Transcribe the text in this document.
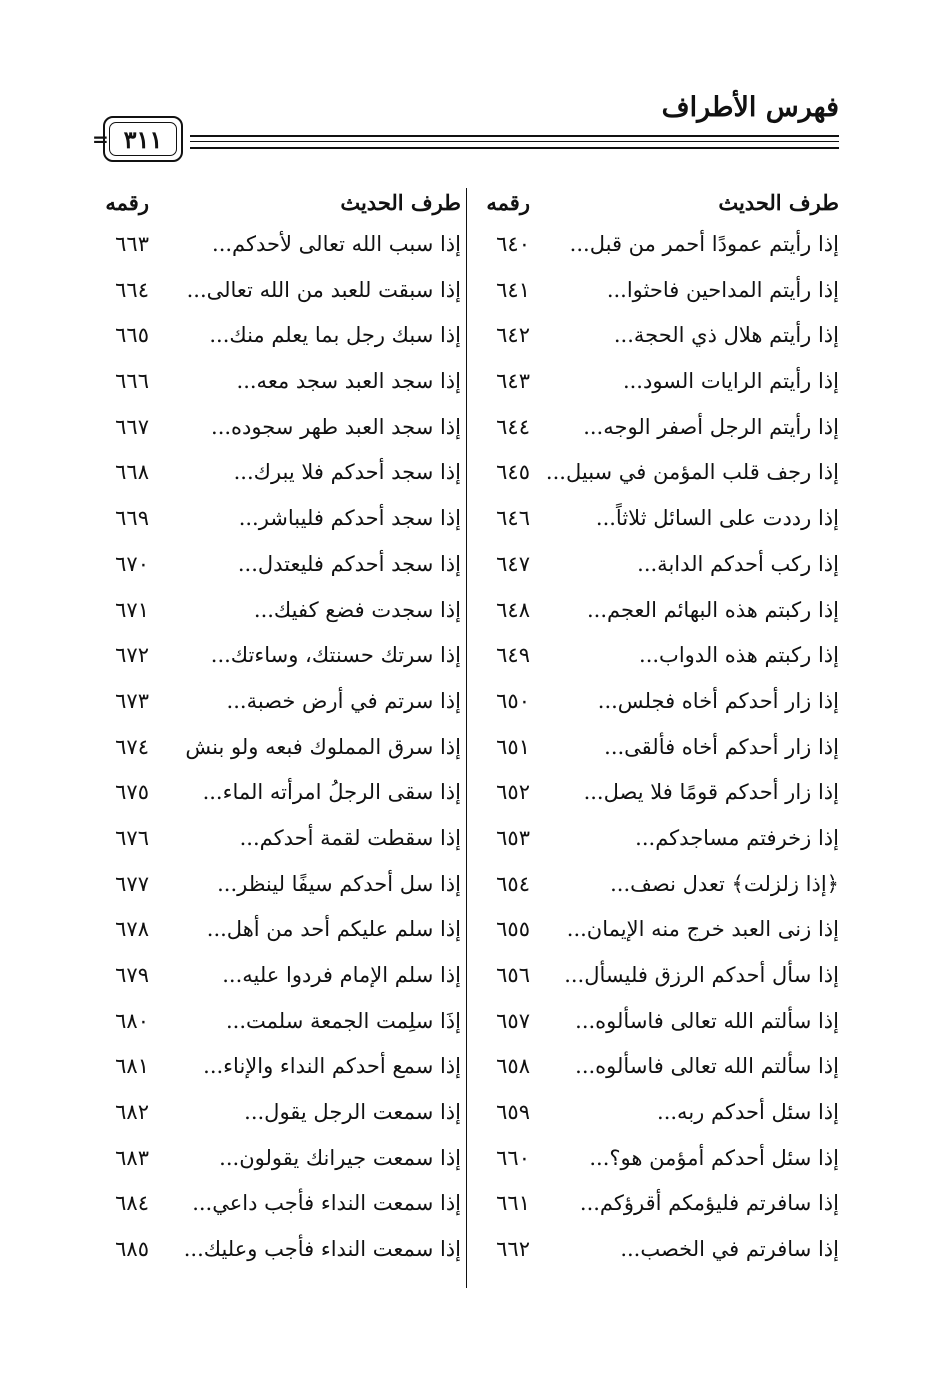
فهرس الأطراف
= ٣١١
طرف الحديث
رقمه
طرف الحديث
رقمه
إذا رأيتم عمودًا أحمر من قبل...
٦٤٠
إذا سبب الله تعالى لأحدكم...
٦٦٣
إذا رأيتم المداحين فاحثوا...
٦٤١
إذا سبقت للعبد من الله تعالى...
٦٦٤
إذا رأيتم هلال ذي الحجة...
٦٤٢
إذا سبك رجل بما يعلم منك...
٦٦٥
إذا رأيتم الرايات السود...
٦٤٣
إذا سجد العبد سجد معه...
٦٦٦
إذا رأيتم الرجل أصفر الوجه...
٦٤٤
إذا سجد العبد طهر سجوده...
٦٦٧
إذا رجف قلب المؤمن في سبيل...
٦٤٥
إذا سجد أحدكم فلا يبرك...
٦٦٨
إذا رددت على السائل ثلاثاً...
٦٤٦
إذا سجد أحدكم فليباشر...
٦٦٩
إذا ركب أحدكم الدابة...
٦٤٧
إذا سجد أحدكم فليعتدل...
٦٧٠
إذا ركبتم هذه البهائم العجم...
٦٤٨
إذا سجدت فضع كفيك...
٦٧١
إذا ركبتم هذه الدواب...
٦٤٩
إذا سرتك حسنتك، وساءتك...
٦٧٢
إذا زار أحدكم أخاه فجلس...
٦٥٠
إذا سرتم في أرض خصبة...
٦٧٣
إذا زار أحدكم أخاه فألقى...
٦٥١
إذا سرق المملوك فبعه ولو بنش
٦٧٤
إذا زار أحدكم قومًا فلا يصل...
٦٥٢
إذا سقى الرجلُ امرأته الماء...
٦٧٥
إذا زخرفتم مساجدكم...
٦٥٣
إذا سقطت لقمة أحدكم...
٦٧٦
﴿إذا زلزلت﴾ تعدل نصف...
٦٥٤
إذا سل أحدكم سيفًا لينظر...
٦٧٧
إذا زنى العبد خرج منه الإيمان...
٦٥٥
إذا سلم عليكم أحد من أهل...
٦٧٨
إذا سأل أحدكم الرزق فليسأل...
٦٥٦
إذا سلم الإمام فردوا عليه...
٦٧٩
إذا سألتم الله تعالى فاسألوه...
٦٥٧
إذَا سلِمت الجمعة سلمت...
٦٨٠
إذا سألتم الله تعالى فاسألوه...
٦٥٨
إذا سمع أحدكم النداء والإناء...
٦٨١
إذا سئل أحدكم ربه...
٦٥٩
إذا سمعت الرجل يقول...
٦٨٢
إذا سئل أحدكم أمؤمن هو؟...
٦٦٠
إذا سمعت جيرانك يقولون...
٦٨٣
إذا سافرتم فليؤمكم أقرؤكم...
٦٦١
إذا سمعت النداء فأجب داعي...
٦٨٤
إذا سافرتم في الخصب...
٦٦٢
إذا سمعت النداء فأجب وعليك...
٦٨٥
